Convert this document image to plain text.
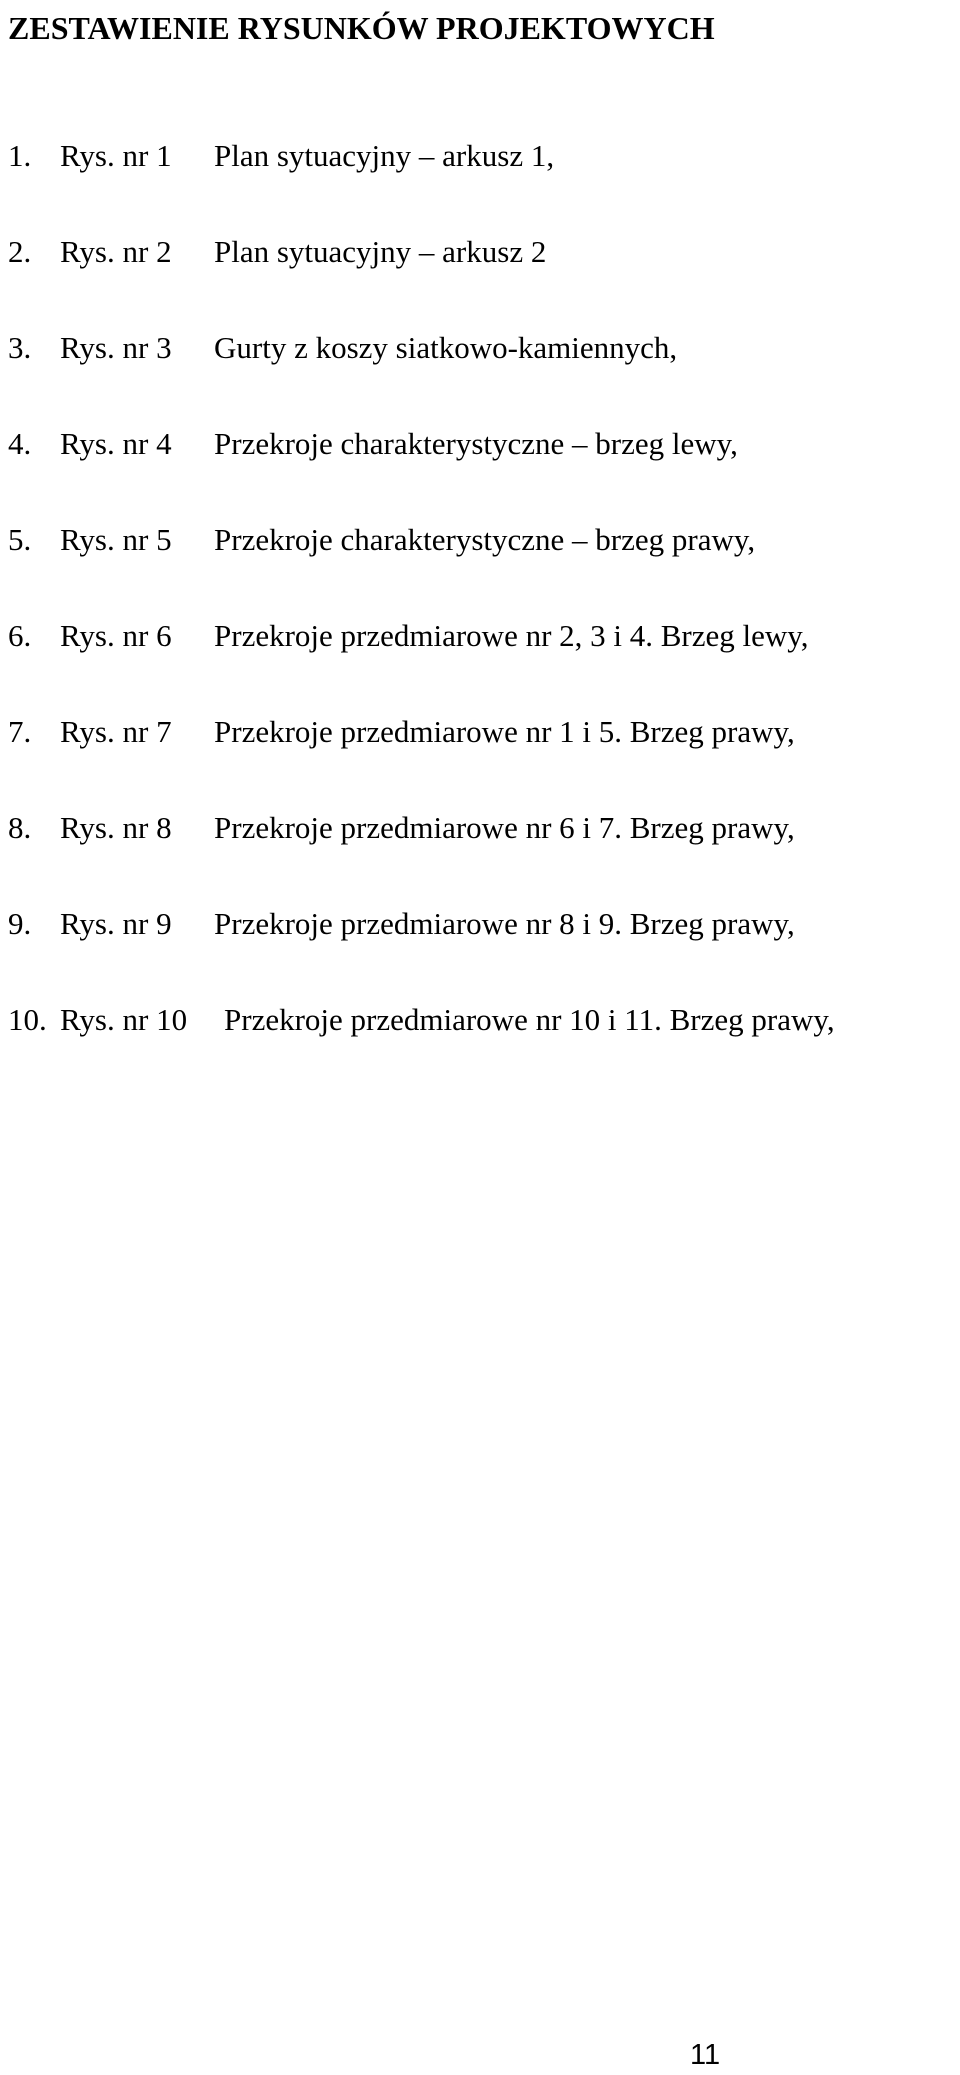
ZESTAWIENIE RYSUNKÓW PROJEKTOWYCH
1. Rys. nr 1 Plan sytuacyjny – arkusz 1,
2. Rys. nr 2 Plan sytuacyjny – arkusz 2
3. Rys. nr 3 Gurty z koszy siatkowo-kamiennych,
4. Rys. nr 4 Przekroje charakterystyczne – brzeg lewy,
5. Rys. nr 5 Przekroje charakterystyczne – brzeg prawy,
6. Rys. nr 6 Przekroje przedmiarowe nr 2, 3 i 4. Brzeg lewy,
7. Rys. nr 7 Przekroje przedmiarowe nr 1 i 5. Brzeg prawy,
8. Rys. nr 8 Przekroje przedmiarowe nr 6 i 7. Brzeg prawy,
9. Rys. nr 9 Przekroje przedmiarowe nr 8 i 9. Brzeg prawy,
10. Rys. nr 10 Przekroje przedmiarowe nr 10 i 11. Brzeg prawy,
11
